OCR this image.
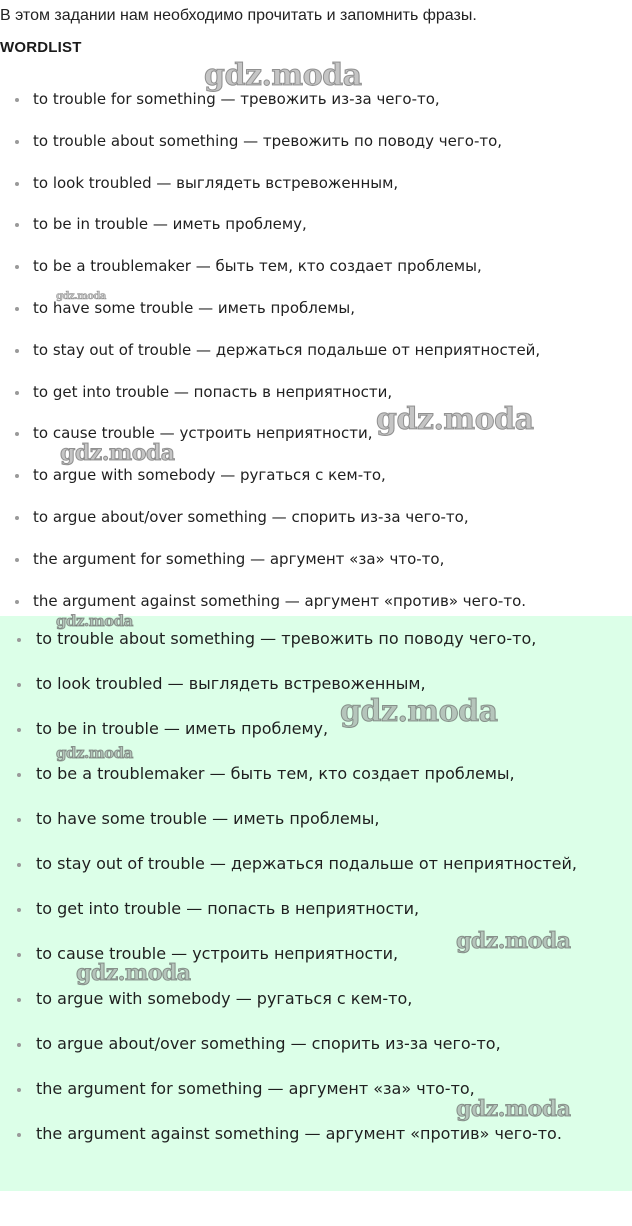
В этом задании нам необходимо прочитать и запомнить фразы.

WORDLIST
to trouble for something — тревожить из-за чего-то,
to trouble about something — тревожить по поводу чего-то,
to look troubled — выглядеть встревоженным,
to be in trouble — иметь проблему,
to be a troublemaker — быть тем, кто создает проблемы,
to have some trouble — иметь проблемы,
to stay out of trouble — держаться подальше от неприятностей,
to get into trouble — попасть в неприятности,
to cause trouble — устроить неприятности,
to argue with somebody — ругаться с кем-то,
to argue about/over something — спорить из-за чего-то,
the argument for something — аргумент «за» что-то,
the argument against something — аргумент «против» чего-то.
to trouble about something — тревожить по поводу чего-то,
to look troubled — выглядеть встревоженным,
to be in trouble — иметь проблему,
to be a troublemaker — быть тем, кто создает проблемы,
to have some trouble — иметь проблемы,
to stay out of trouble — держаться подальше от неприятностей,
to get into trouble — попасть в неприятности,
to cause trouble — устроить неприятности,
to argue with somebody — ругаться с кем-то,
to argue about/over something — спорить из-за чего-то,
the argument for something — аргумент «за» что-то,
the argument against something — аргумент «против» чего-то.
gdz.moda
gdz.moda
gdz.moda
gdz.moda
gdz.moda
gdz.moda
gdz.moda
gdz.moda
gdz.moda
gdz.moda
